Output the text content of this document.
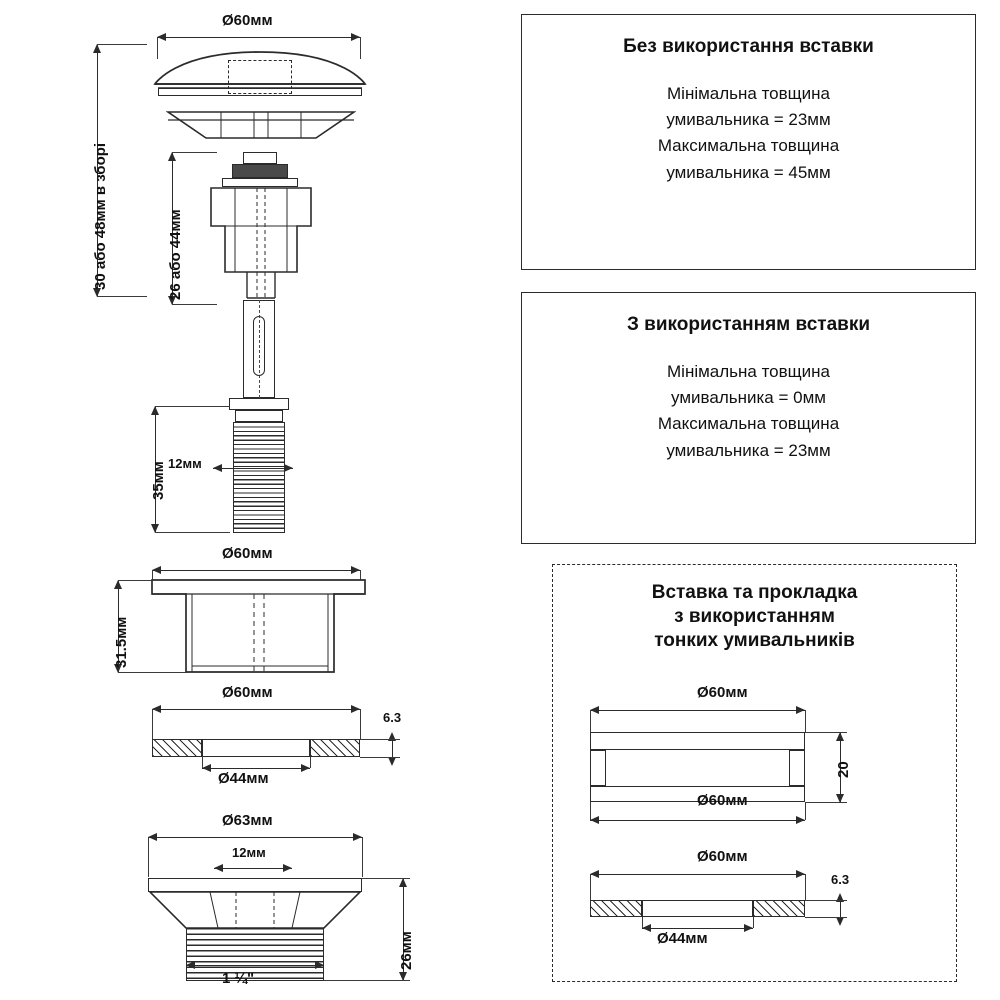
Ø60мм
30 або 48мм в зборі	26 або 44мм
35мм 12мм
Ø60мм
31.5мм
Ø60мм
6.3
Ø44мм
Ø63мм
12мм
26мм
1 ¼"
Без використання вставки
Мінімальна товщина
умивальника = 23мм
Максимальна товщина
умивальника = 45мм
З використанням вставки
Мінімальна товщина
умивальника = 0мм
Максимальна товщина
умивальника = 23мм
Вставка та прокладка
з використанням
тонких умивальників
Ø60мм
20
Ø60мм
Ø60мм
6.3
Ø44мм
